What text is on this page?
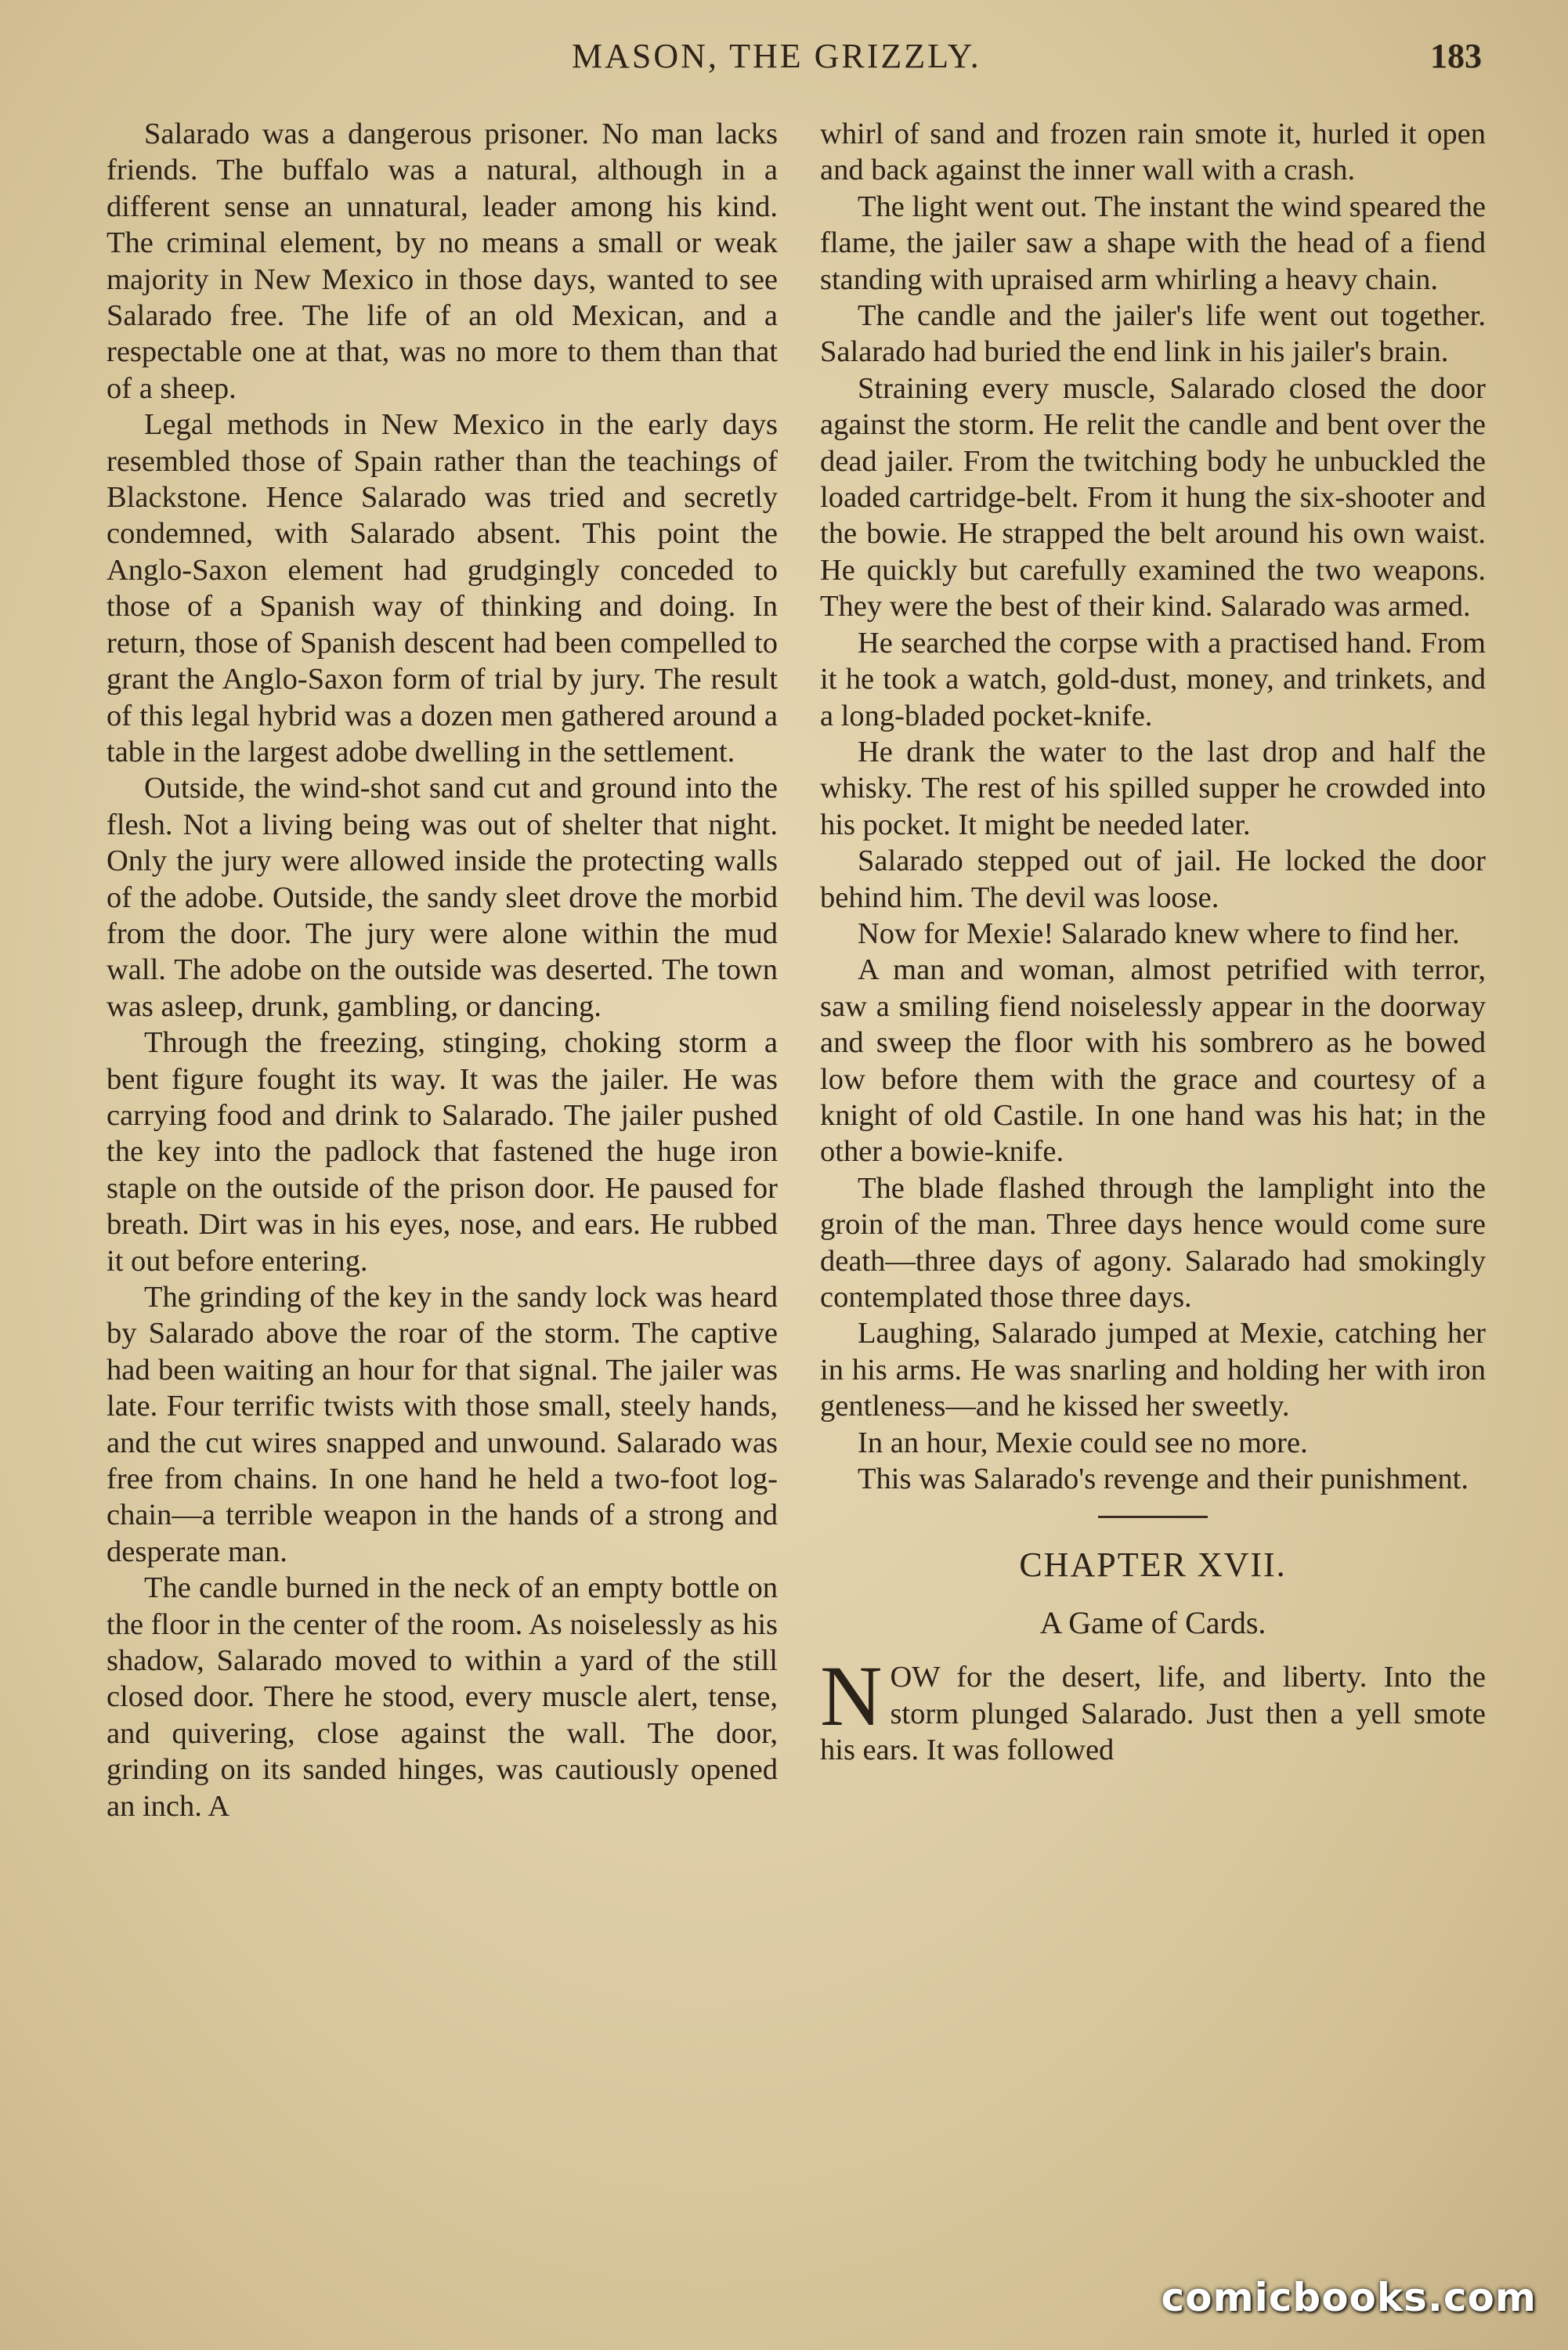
MASON, THE GRIZZLY.	183

Salarado was a dangerous prisoner. No man lacks friends. The buffalo was a natural, although in a different sense an unnatural, leader among his kind. The criminal element, by no means a small or weak majority in New Mexico in those days, wanted to see Salarado free. The life of an old Mexican, and a respectable one at that, was no more to them than that of a sheep.

Legal methods in New Mexico in the early days resembled those of Spain rather than the teachings of Blackstone. Hence Salarado was tried and secretly condemned, with Salarado absent. This point the Anglo-Saxon element had grudgingly conceded to those of a Spanish way of thinking and doing. In return, those of Spanish descent had been compelled to grant the Anglo-Saxon form of trial by jury. The result of this legal hybrid was a dozen men gathered around a table in the largest adobe dwelling in the settlement.

Outside, the wind-shot sand cut and ground into the flesh. Not a living being was out of shelter that night. Only the jury were allowed inside the protecting walls of the adobe. Outside, the sandy sleet drove the morbid from the door. The jury were alone within the mud wall. The adobe on the outside was deserted. The town was asleep, drunk, gambling, or dancing.

Through the freezing, stinging, choking storm a bent figure fought its way. It was the jailer. He was carrying food and drink to Salarado. The jailer pushed the key into the padlock that fastened the huge iron staple on the outside of the prison door. He paused for breath. Dirt was in his eyes, nose, and ears. He rubbed it out before entering.

The grinding of the key in the sandy lock was heard by Salarado above the roar of the storm. The captive had been waiting an hour for that signal. The jailer was late. Four terrific twists with those small, steely hands, and the cut wires snapped and unwound. Salarado was free from chains. In one hand he held a two-foot log-chain—a terrible weapon in the hands of a strong and desperate man.

The candle burned in the neck of an empty bottle on the floor in the center of the room. As noiselessly as his shadow, Salarado moved to within a yard of the still closed door. There he stood, every muscle alert, tense, and quivering, close against the wall. The door, grinding on its sanded hinges, was cautiously opened an inch. A

whirl of sand and frozen rain smote it, hurled it open and back against the inner wall with a crash.

The light went out. The instant the wind speared the flame, the jailer saw a shape with the head of a fiend standing with upraised arm whirling a heavy chain.

The candle and the jailer's life went out together. Salarado had buried the end link in his jailer's brain.

Straining every muscle, Salarado closed the door against the storm. He relit the candle and bent over the dead jailer. From the twitching body he unbuckled the loaded cartridge-belt. From it hung the six-shooter and the bowie. He strapped the belt around his own waist. He quickly but carefully examined the two weapons. They were the best of their kind. Salarado was armed.

He searched the corpse with a practised hand. From it he took a watch, gold-dust, money, and trinkets, and a long-bladed pocket-knife.

He drank the water to the last drop and half the whisky. The rest of his spilled supper he crowded into his pocket. It might be needed later.

Salarado stepped out of jail. He locked the door behind him. The devil was loose.

Now for Mexie! Salarado knew where to find her.

A man and woman, almost petrified with terror, saw a smiling fiend noiselessly appear in the doorway and sweep the floor with his sombrero as he bowed low before them with the grace and courtesy of a knight of old Castile. In one hand was his hat; in the other a bowie-knife.

The blade flashed through the lamplight into the groin of the man. Three days hence would come sure death—three days of agony. Salarado had smokingly contemplated those three days.

Laughing, Salarado jumped at Mexie, catching her in his arms. He was snarling and holding her with iron gentleness—and he kissed her sweetly.

In an hour, Mexie could see no more.

This was Salarado's revenge and their punishment.

CHAPTER XVII.
A Game of Cards.

NOW for the desert, life, and liberty. Into the storm plunged Salarado. Just then a yell smote his ears. It was followed

comicbooks.com
